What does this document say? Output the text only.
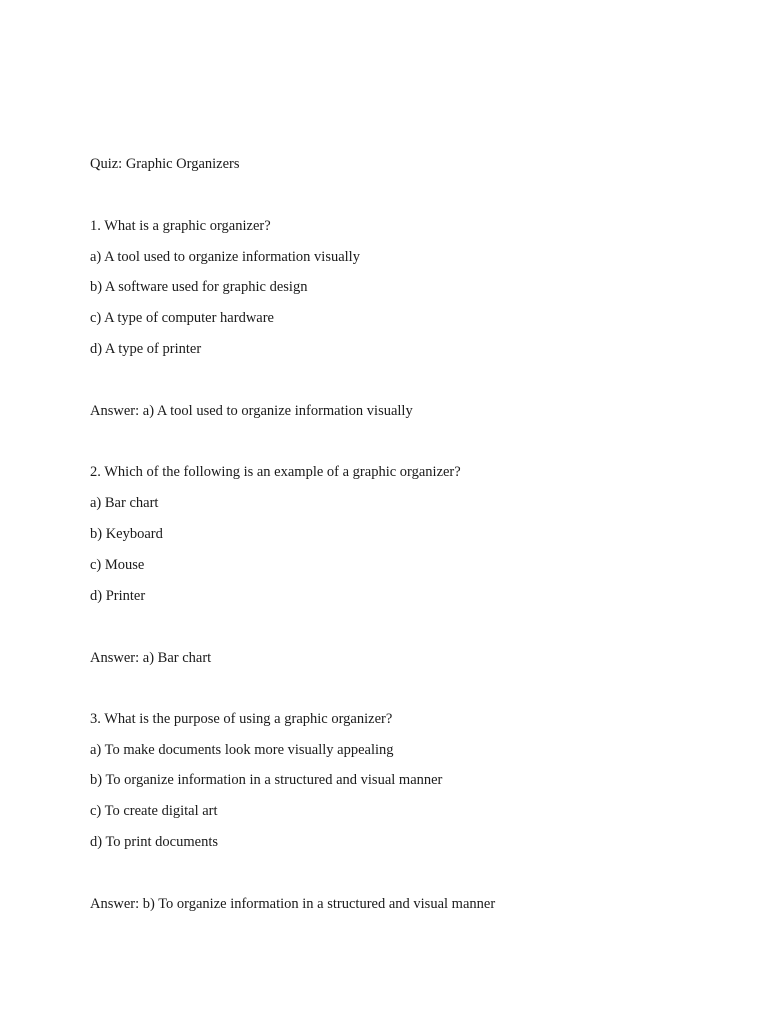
Quiz: Graphic Organizers
1. What is a graphic organizer?
a) A tool used to organize information visually
b) A software used for graphic design
c) A type of computer hardware
d) A type of printer
Answer: a) A tool used to organize information visually
2. Which of the following is an example of a graphic organizer?
a) Bar chart
b) Keyboard
c) Mouse
d) Printer
Answer: a) Bar chart
3. What is the purpose of using a graphic organizer?
a) To make documents look more visually appealing
b) To organize information in a structured and visual manner
c) To create digital art
d) To print documents
Answer: b) To organize information in a structured and visual manner
